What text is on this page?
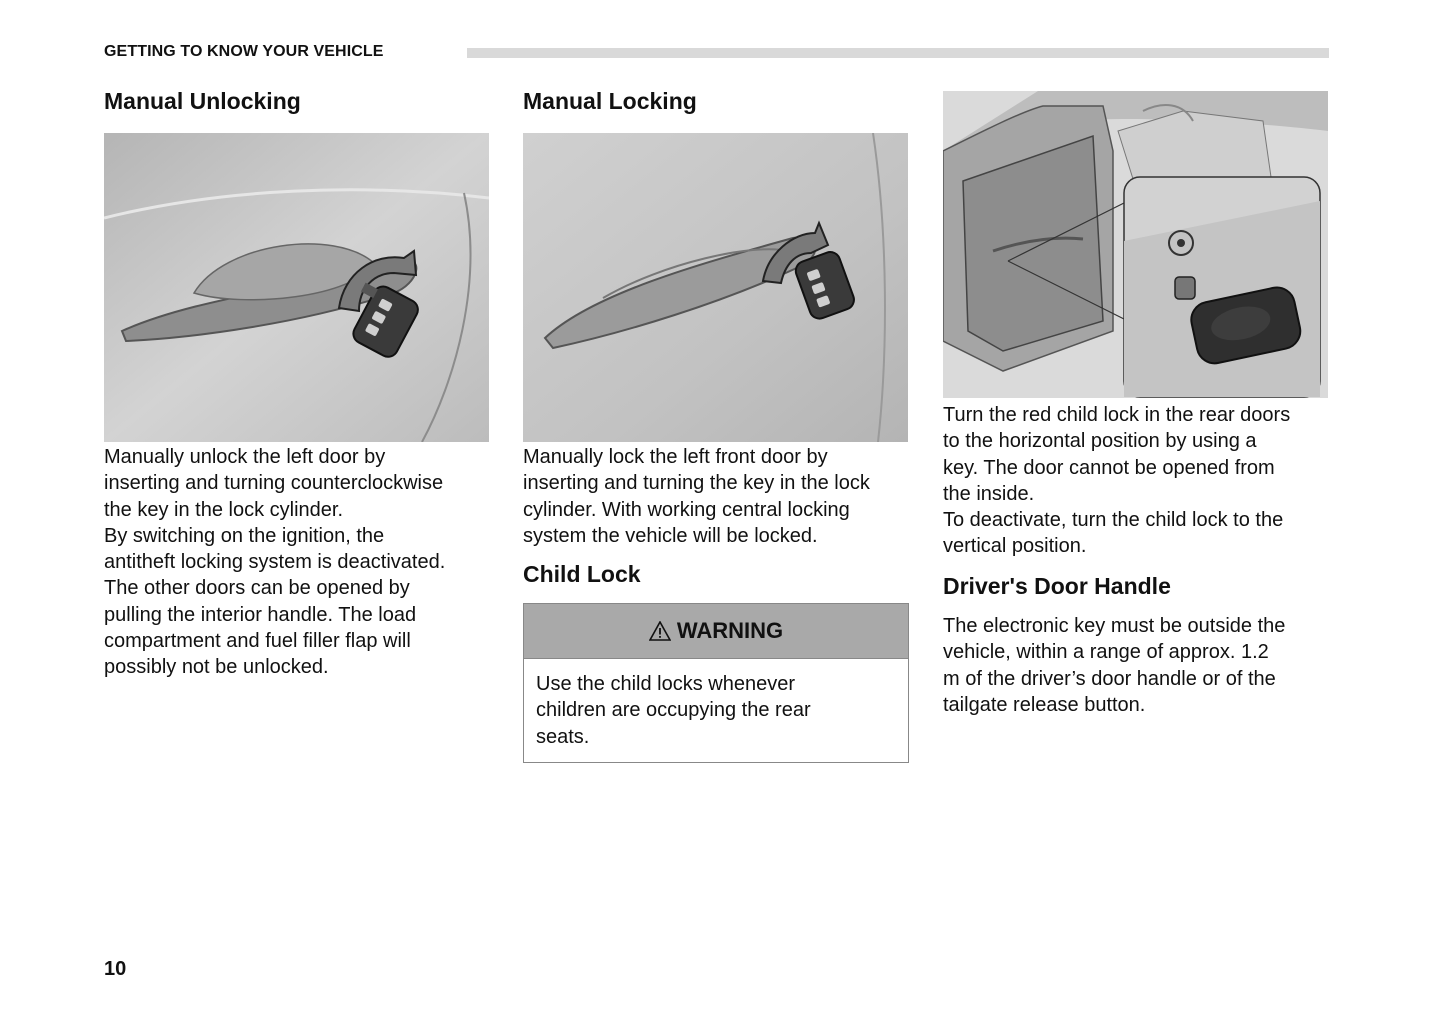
GETTING TO KNOW YOUR VEHICLE
Manual Unlocking
Manually unlock the left door by
inserting and turning counterclockwise
the key in the lock cylinder.
By switching on the ignition, the
antitheft locking system is deactivated.
The other doors can be opened by
pulling the interior handle. The load
compartment and fuel filler flap will
possibly not be unlocked.
Manual Locking
Manually lock the left front door by
inserting and turning the key in the lock
cylinder. With working central locking
system the vehicle will be locked.
Child Lock
WARNING
Use the child locks whenever
children are occupying the rear
seats.
Turn the red child lock in the rear doors
to the horizontal position by using a
key. The door cannot be opened from
the inside.
To deactivate, turn the child lock to the
vertical position.
Driver's Door Handle
The electronic key must be outside the
vehicle, within a range of approx. 1.2
m of the driver’s door handle or of the
tailgate release button.
10
